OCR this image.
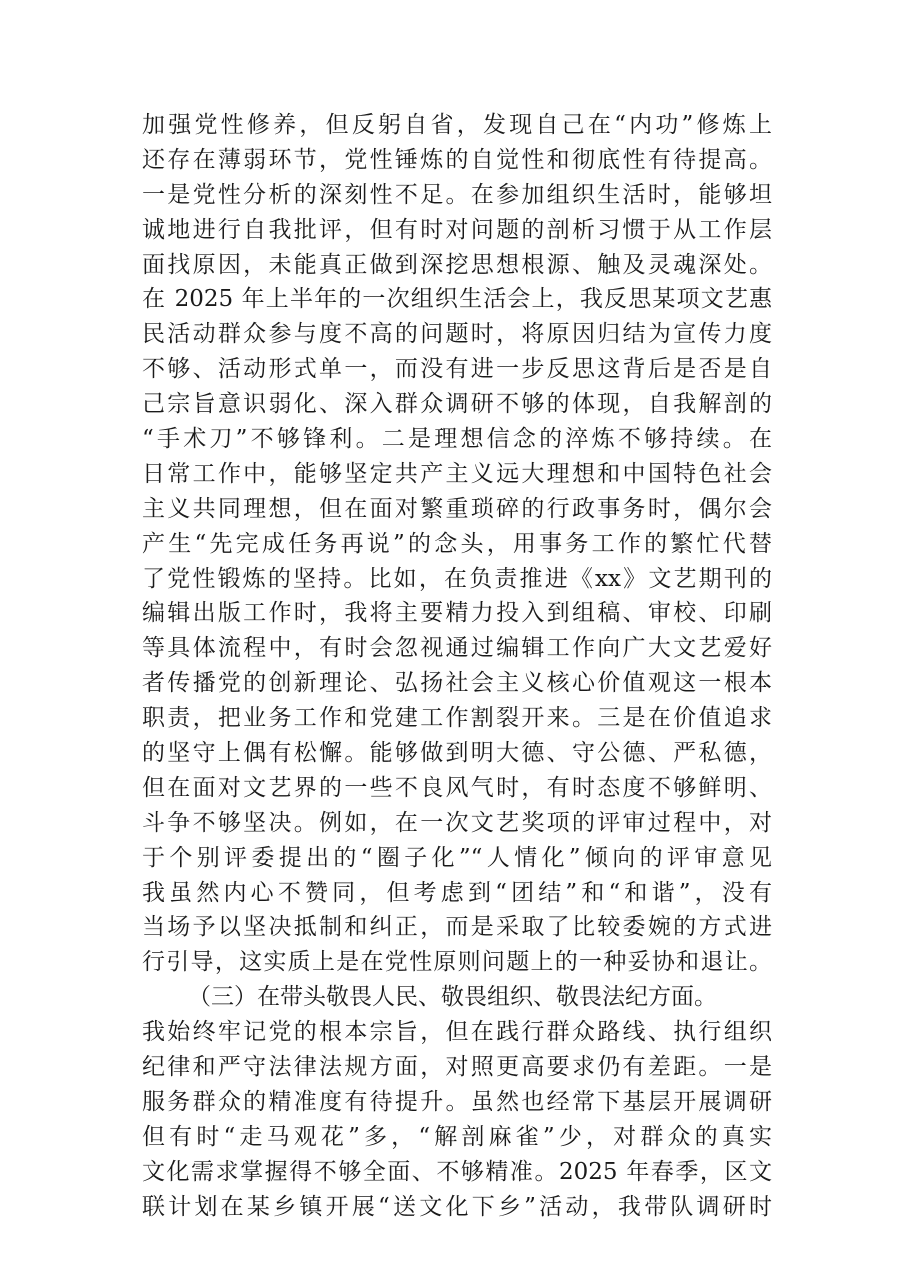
加强党性修养，但反躬自省，发现自己在“内功”修炼上
还存在薄弱环节，党性锤炼的自觉性和彻底性有待提高。
一是党性分析的深刻性不足。在参加组织生活时，能够坦
诚地进行自我批评，但有时对问题的剖析习惯于从工作层
面找原因，未能真正做到深挖思想根源、触及灵魂深处。
在 2025 年上半年的一次组织生活会上，我反思某项文艺惠
民活动群众参与度不高的问题时，将原因归结为宣传力度
不够、活动形式单一，而没有进一步反思这背后是否是自
己宗旨意识弱化、深入群众调研不够的体现，自我解剖的
“手术刀”不够锋利。二是理想信念的淬炼不够持续。在
日常工作中，能够坚定共产主义远大理想和中国特色社会
主义共同理想，但在面对繁重琐碎的行政事务时，偶尔会
产生“先完成任务再说”的念头，用事务工作的繁忙代替
了党性锻炼的坚持。比如，在负责推进《xx》文艺期刊的
编辑出版工作时，我将主要精力投入到组稿、审校、印刷
等具体流程中，有时会忽视通过编辑工作向广大文艺爱好
者传播党的创新理论、弘扬社会主义核心价值观这一根本
职责，把业务工作和党建工作割裂开来。三是在价值追求
的坚守上偶有松懈。能够做到明大德、守公德、严私德，
但在面对文艺界的一些不良风气时，有时态度不够鲜明、
斗争不够坚决。例如，在一次文艺奖项的评审过程中，对
于个别评委提出的“圈子化”“人情化”倾向的评审意见
我虽然内心不赞同，但考虑到“团结”和“和谐”，没有
当场予以坚决抵制和纠正，而是采取了比较委婉的方式进
行引导，这实质上是在党性原则问题上的一种妥协和退让。
（三）在带头敬畏人民、敬畏组织、敬畏法纪方面。
我始终牢记党的根本宗旨，但在践行群众路线、执行组织
纪律和严守法律法规方面，对照更高要求仍有差距。一是
服务群众的精准度有待提升。虽然也经常下基层开展调研
但有时“走马观花”多，“解剖麻雀”少，对群众的真实
文化需求掌握得不够全面、不够精准。2025 年春季，区文
联计划在某乡镇开展“送文化下乡”活动，我带队调研时
